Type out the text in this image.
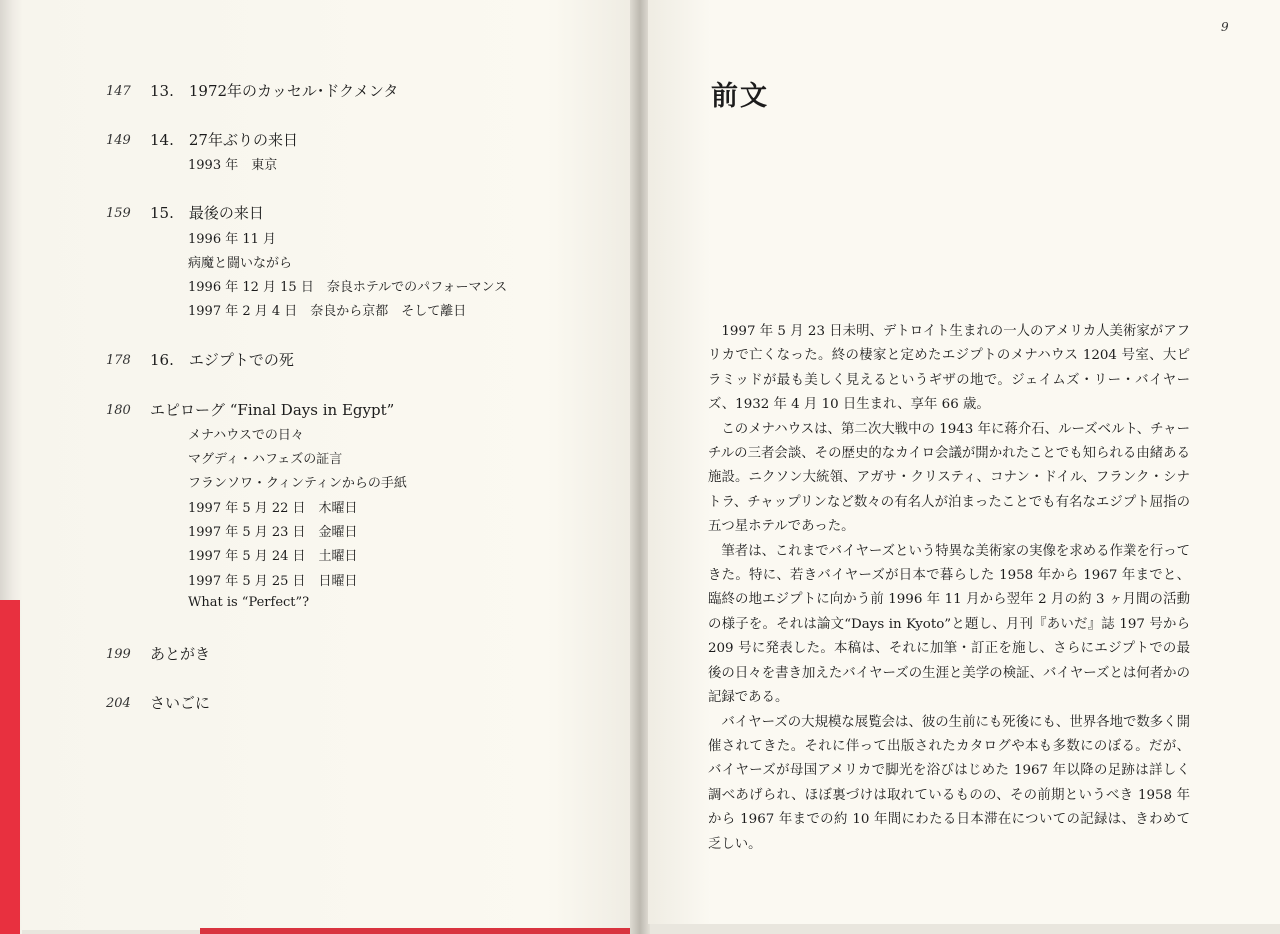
147	13.　1972年のカッセル･ドクメンタ
149	14.　27年ぶりの来日
1993 年　東京
159	15.　最後の来日
1996 年 11 月
病魔と闘いながら
1996 年 12 月 15 日　奈良ホテルでのパフォーマンス
1997 年 2 月 4 日　奈良から京都　そして離日
178	16.　エジプトでの死
180	エピローグ “Final Days in Egypt”
メナハウスでの日々
マグディ・ハフェズの証言
フランソワ・クィンティンからの手紙
1997 年 5 月 22 日　木曜日
1997 年 5 月 23 日　金曜日
1997 年 5 月 24 日　土曜日
1997 年 5 月 25 日　日曜日
What is “Perfect”?
199	あとがき
204	さいごに
9
前文

1997 年 5 月 23 日未明、デトロイト生まれの一人のアメリカ人美術家がアフリカで亡くなった。終の棲家と定めたエジプトのメナハウス 1204 号室、大ピラミッドが最も美しく見えるというギザの地で。ジェイムズ・リー・バイヤーズ、1932 年 4 月 10 日生まれ、享年 66 歳。

このメナハウスは、第二次大戦中の 1943 年に蒋介石、ルーズベルト、チャーチルの三者会談、その歴史的なカイロ会議が開かれたことでも知られる由緒ある施設。ニクソン大統領、アガサ・クリスティ、コナン・ドイル、フランク・シナトラ、チャップリンなど数々の有名人が泊まったことでも有名なエジプト屈指の五つ星ホテルであった。

筆者は、これまでバイヤーズという特異な美術家の実像を求める作業を行ってきた。特に、若きバイヤーズが日本で暮らした 1958 年から 1967 年までと、臨終の地エジプトに向かう前 1996 年 11 月から翌年 2 月の約 3 ヶ月間の活動の様子を。それは論文“Days in Kyoto”と題し、月刊『あいだ』誌 197 号から 209 号に発表した。本稿は、それに加筆・訂正を施し、さらにエジプトでの最後の日々を書き加えたバイヤーズの生涯と美学の検証、バイヤーズとは何者かの記録である。

バイヤーズの大規模な展覧会は、彼の生前にも死後にも、世界各地で数多く開催されてきた。それに伴って出版されたカタログや本も多数にのぼる。だが、バイヤーズが母国アメリカで脚光を浴びはじめた 1967 年以降の足跡は詳しく調べあげられ、ほぼ裏づけは取れているものの、その前期というべき 1958 年から 1967 年までの約 10 年間にわたる日本滞在についての記録は、きわめて乏しい。
